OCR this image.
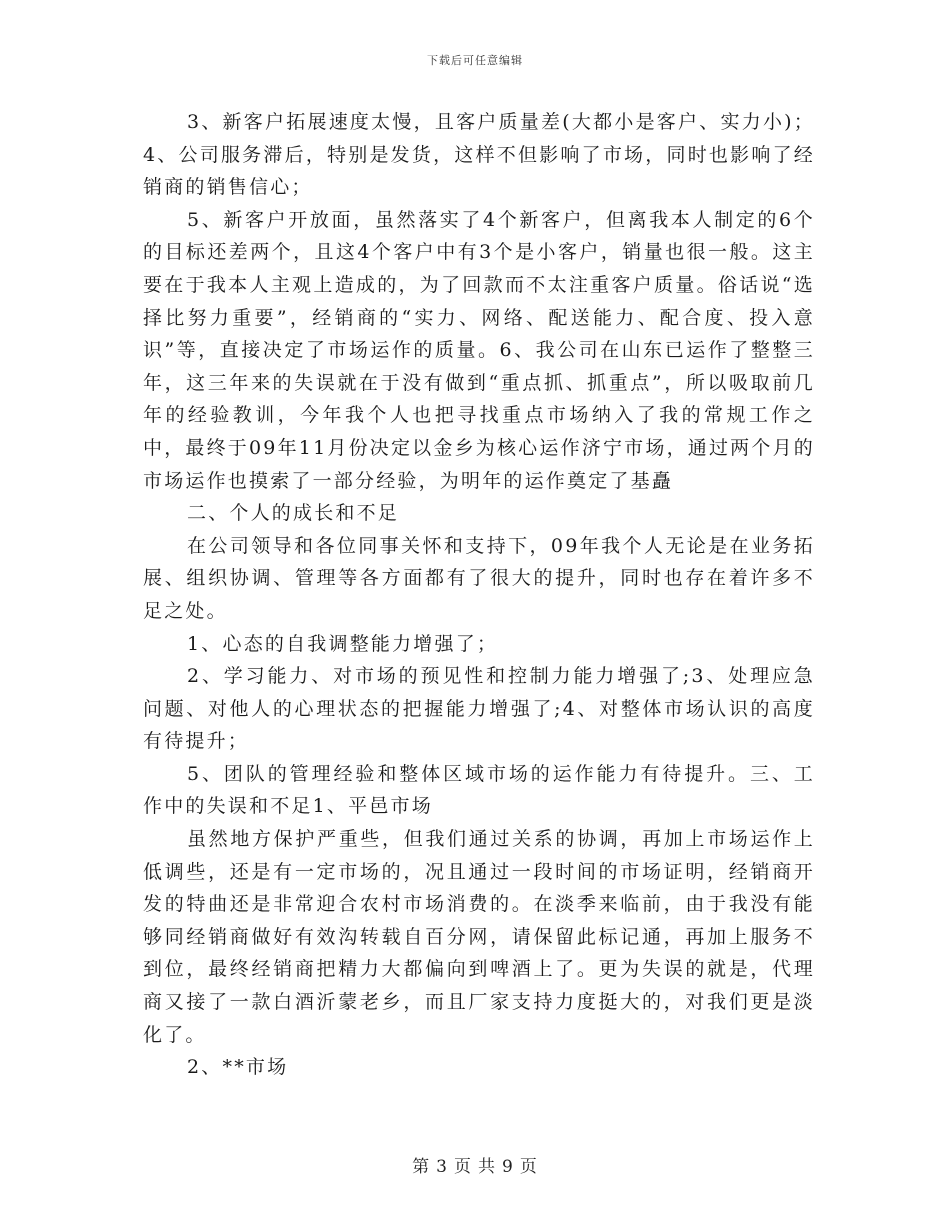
下载后可任意编辑

3、新客户拓展速度太慢，且客户质量差(大都小是客户、实力小)；4、公司服务滞后，特别是发货，这样不但影响了市场，同时也影响了经销商的销售信心；

5、新客户开放面，虽然落实了4个新客户，但离我本人制定的6个的目标还差两个，且这4个客户中有3个是小客户，销量也很一般。这主要在于我本人主观上造成的，为了回款而不太注重客户质量。俗话说“选择比努力重要”，经销商的“实力、网络、配送能力、配合度、投入意识”等，直接决定了市场运作的质量。6、我公司在山东已运作了整整三年，这三年来的失误就在于没有做到“重点抓、抓重点”，所以吸取前几年的经验教训，今年我个人也把寻找重点市场纳入了我的常规工作之中，最终于09年11月份决定以金乡为核心运作济宁市场，通过两个月的市场运作也摸索了一部分经验，为明年的运作奠定了基矗

二、个人的成长和不足

在公司领导和各位同事关怀和支持下，09年我个人无论是在业务拓展、组织协调、管理等各方面都有了很大的提升，同时也存在着许多不足之处。

1、心态的自我调整能力增强了；

2、学习能力、对市场的预见性和控制力能力增强了;3、处理应急问题、对他人的心理状态的把握能力增强了;4、对整体市场认识的高度有待提升；

5、团队的管理经验和整体区域市场的运作能力有待提升。三、工作中的失误和不足1、平邑市场

虽然地方保护严重些，但我们通过关系的协调，再加上市场运作上低调些，还是有一定市场的，况且通过一段时间的市场证明，经销商开发的特曲还是非常迎合农村市场消费的。在淡季来临前，由于我没有能够同经销商做好有效沟转载自百分网，请保留此标记通，再加上服务不到位，最终经销商把精力大都偏向到啤酒上了。更为失误的就是，代理商又接了一款白酒沂蒙老乡，而且厂家支持力度挺大的，对我们更是淡化了。

2、**市场

第 3 页 共 9 页
